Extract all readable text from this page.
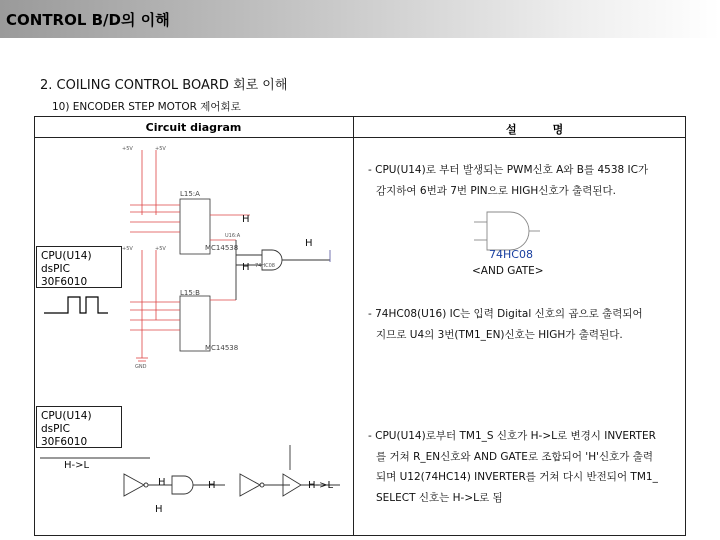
CONTROL B/D의 이해
2. COILING CONTROL BOARD 회로 이해
10) ENCODER STEP MOTOR 제어회로
Circuit diagram	설	명
+5V	+5V
+5V	+5V
U16:A
74HC08
GND
L15:A
MC14538
L15:B
MC14538
H
H
H
CPU(U14)
dsPIC
30F6010
- CPU(U14)로 부터 발생되는 PWM신호 A와 B를 4538 IC가
감지하여 6번과 7번 PIN으로 HIGH신호가 출력된다.
74HC08
<AND GATE>
- 74HC08(U16) IC는 입력 Digital 신호의 곱으로 출력되어
지므로 U4의 3번(TM1_EN)신호는 HIGH가 출력된다.
CPU(U14)
dsPIC
30F6010
H->L
H	H
H
H->L
- CPU(U14)로부터 TM1_S 신호가 H->L로 변경시 INVERTER
를 거쳐 R_EN신호와 AND GATE로 조합되어 'H'신호가 출력
되며 U12(74HC14) INVERTER를 거쳐 다시 반전되어 TM1_
SELECT 신호는 H->L로 됨
